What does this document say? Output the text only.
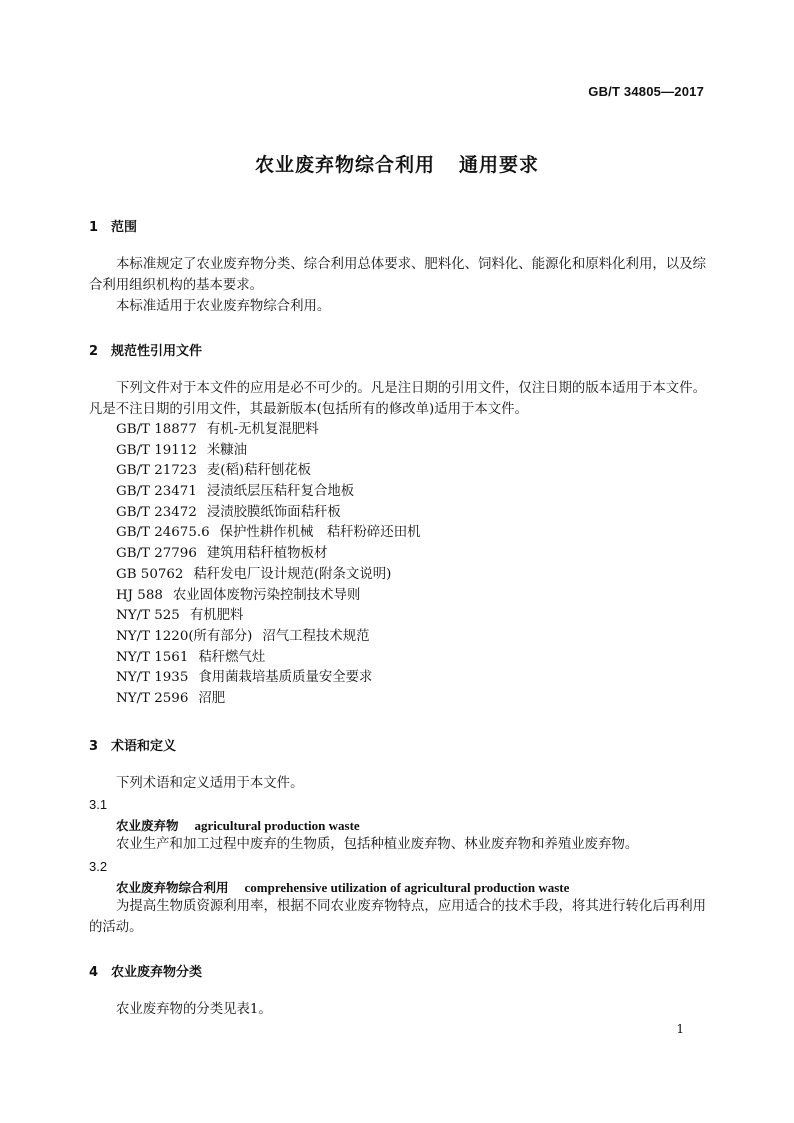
GB/T 34805—2017
农业废弃物综合利用 通用要求
1 范围
本标准规定了农业废弃物分类、综合利用总体要求、肥料化、饲料化、能源化和原料化利用，以及综合利用组织机构的基本要求。
本标准适用于农业废弃物综合利用。
2 规范性引用文件
下列文件对于本文件的应用是必不可少的。凡是注日期的引用文件，仅注日期的版本适用于本文件。凡是不注日期的引用文件，其最新版本(包括所有的修改单)适用于本文件。
GB/T 18877 有机-无机复混肥料
GB/T 19112 米糠油
GB/T 21723 麦(稻)秸秆刨花板
GB/T 23471 浸渍纸层压秸秆复合地板
GB/T 23472 浸渍胶膜纸饰面秸秆板
GB/T 24675.6 保护性耕作机械　秸秆粉碎还田机
GB/T 27796 建筑用秸秆植物板材
GB 50762 秸秆发电厂设计规范(附条文说明)
HJ 588 农业固体废物污染控制技术导则
NY/T 525 有机肥料
NY/T 1220(所有部分) 沼气工程技术规范
NY/T 1561 秸秆燃气灶
NY/T 1935 食用菌栽培基质质量安全要求
NY/T 2596 沼肥
3 术语和定义
下列术语和定义适用于本文件。
3.1
农业废弃物 agricultural production waste
农业生产和加工过程中废弃的生物质，包括种植业废弃物、林业废弃物和养殖业废弃物。
3.2
农业废弃物综合利用 comprehensive utilization of agricultural production waste
为提高生物质资源利用率，根据不同农业废弃物特点，应用适合的技术手段，将其进行转化后再利用的活动。
4 农业废弃物分类
农业废弃物的分类见表1。
1
